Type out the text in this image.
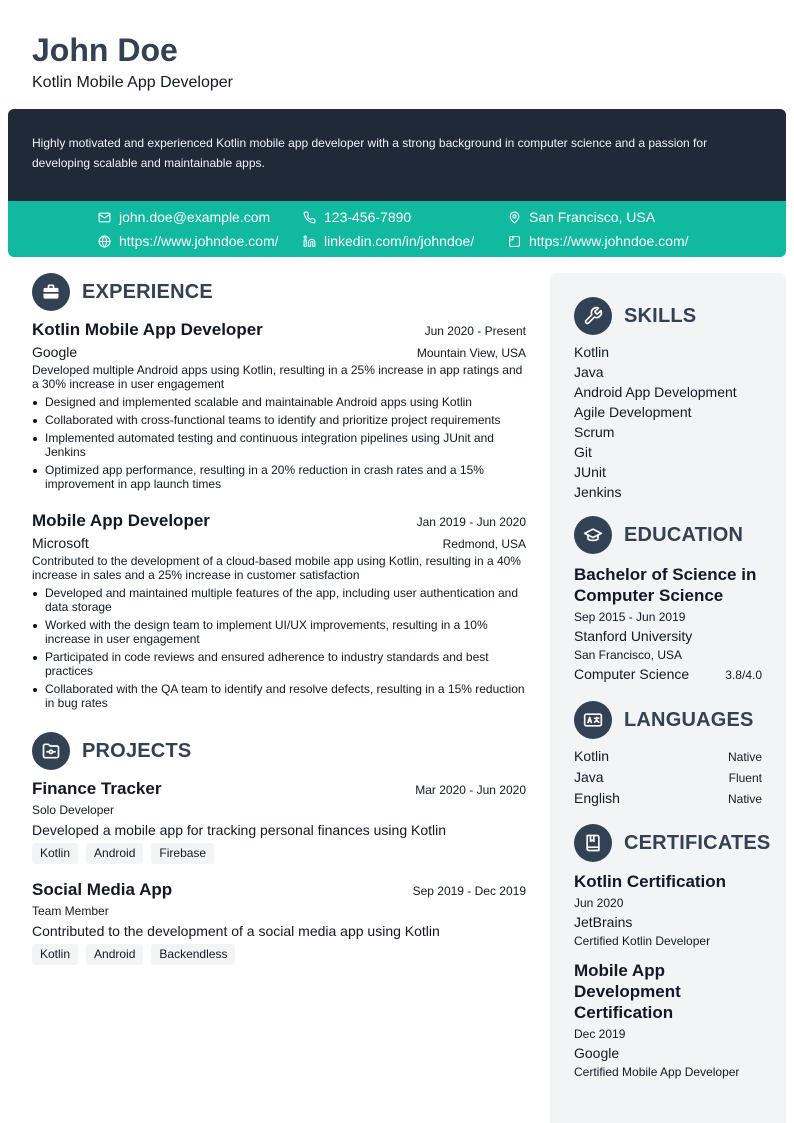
John Doe
Kotlin Mobile App Developer

Highly motivated and experienced Kotlin mobile app developer with a strong background in computer science and a passion for developing scalable and maintainable apps.

john.doe@example.com	123-456-7890	San Francisco, USA
https://www.johndoe.com/	linkedin.com/in/johndoe/	https://www.johndoe.com/
EXPERIENCE
Kotlin Mobile App Developer	Jun 2020 - Present
Google	Mountain View, USA
Developed multiple Android apps using Kotlin, resulting in a 25% increase in app ratings and a 30% increase in user engagement
Designed and implemented scalable and maintainable Android apps using Kotlin
Collaborated with cross-functional teams to identify and prioritize project requirements
Implemented automated testing and continuous integration pipelines using JUnit and Jenkins
Optimized app performance, resulting in a 20% reduction in crash rates and a 15% improvement in app launch times
Mobile App Developer	Jan 2019 - Jun 2020
Microsoft	Redmond, USA
Contributed to the development of a cloud-based mobile app using Kotlin, resulting in a 40% increase in sales and a 25% increase in customer satisfaction
Developed and maintained multiple features of the app, including user authentication and data storage
Worked with the design team to implement UI/UX improvements, resulting in a 10% increase in user engagement
Participated in code reviews and ensured adherence to industry standards and best practices
Collaborated with the QA team to identify and resolve defects, resulting in a 15% reduction in bug rates
PROJECTS
Finance Tracker	Mar 2020 - Jun 2020
Solo Developer
Developed a mobile app for tracking personal finances using Kotlin
Kotlin	Android	Firebase
Social Media App	Sep 2019 - Dec 2019
Team Member
Contributed to the development of a social media app using Kotlin
Kotlin	Android	Backendless
SKILLS
Kotlin
Java
Android App Development
Agile Development
Scrum
Git
JUnit
Jenkins
EDUCATION
Bachelor of Science in Computer Science
Sep 2015 - Jun 2019
Stanford University
San Francisco, USA
Computer Science	3.8/4.0
LANGUAGES
Kotlin	Native
Java	Fluent
English	Native
CERTIFICATES
Kotlin Certification
Jun 2020
JetBrains
Certified Kotlin Developer
Mobile App Development Certification
Dec 2019
Google
Certified Mobile App Developer
